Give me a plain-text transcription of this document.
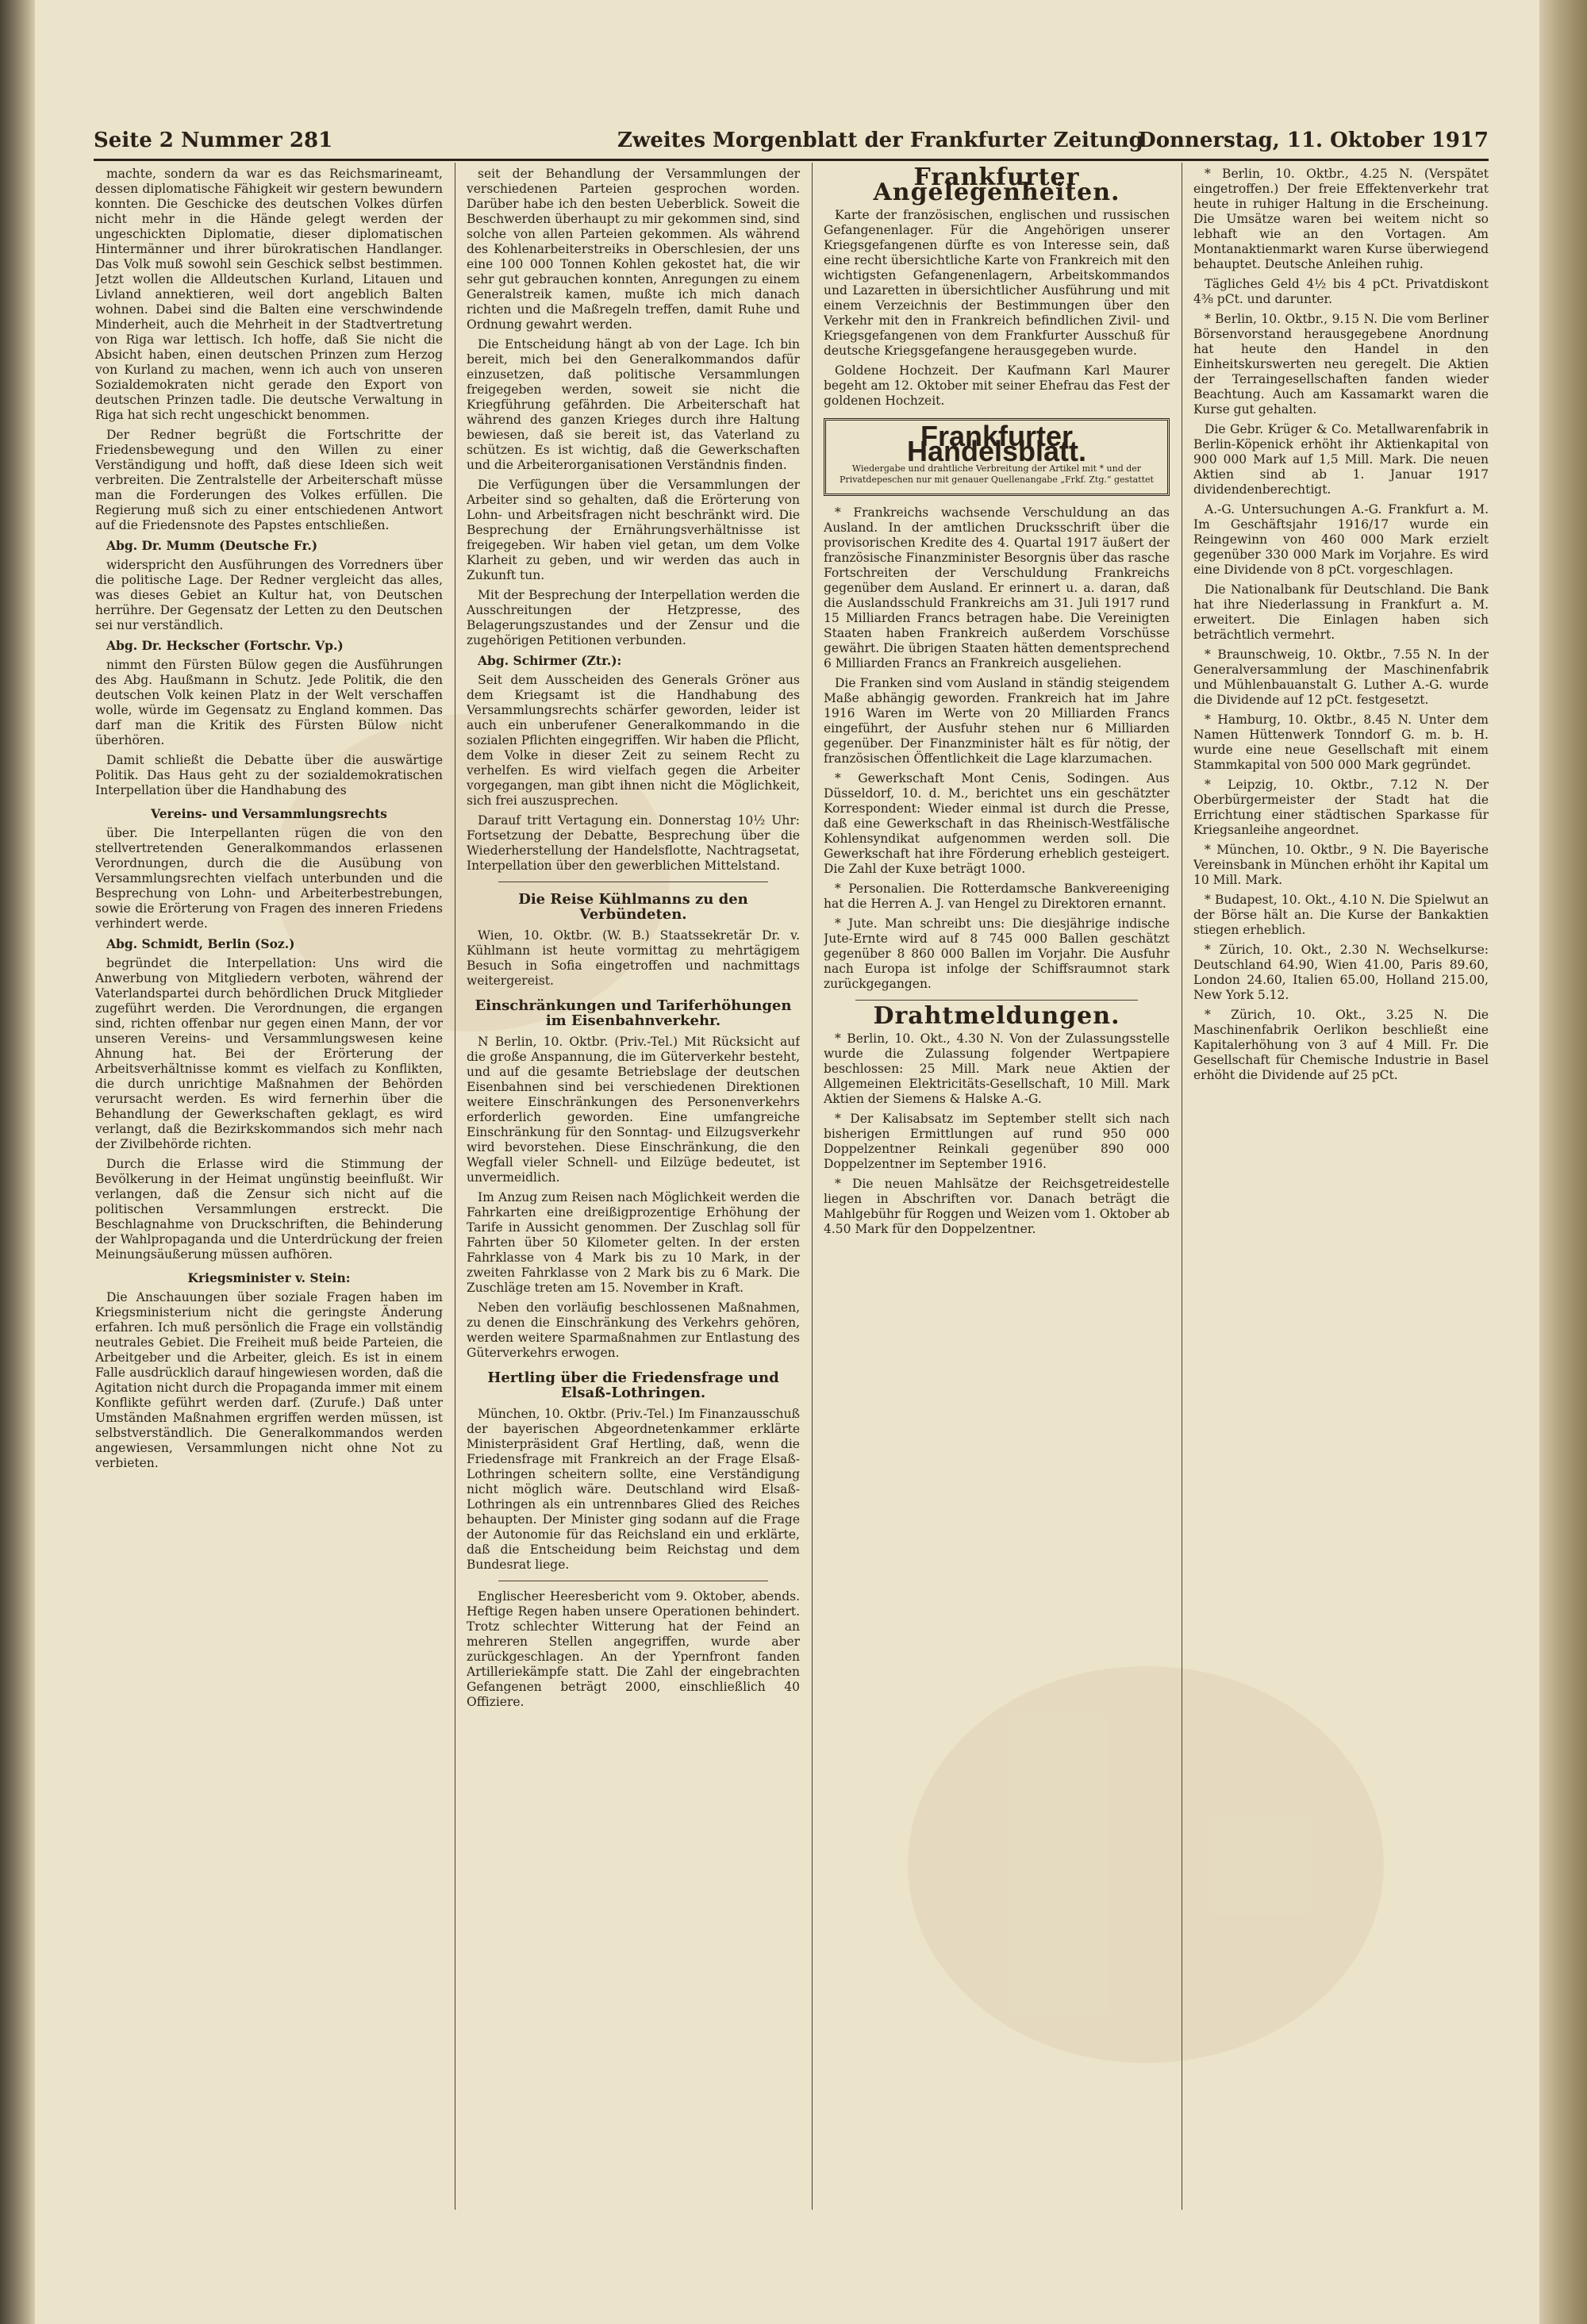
Seite 2 Nummer 281	Zweites Morgenblatt der Frankfurter Zeitung
Donnerstag, 11. Oktober 1917

machte, sondern da war es das Reichsmarineamt, dessen diplomatische Fähigkeit wir gestern bewundern konnten. Die Geschicke des deutschen Volkes dürfen nicht mehr in die Hände gelegt werden der ungeschickten Diplomatie, dieser diplomatischen Hintermänner und ihrer bürokratischen Handlanger. Das Volk muß sowohl sein Geschick selbst bestimmen. Jetzt wollen die Alldeutschen Kurland, Litauen und Livland annektieren, weil dort angeblich Balten wohnen. Dabei sind die Balten eine verschwindende Minderheit, auch die Mehrheit in der Stadtvertretung von Riga war lettisch. Ich hoffe, daß Sie nicht die Absicht haben, einen deutschen Prinzen zum Herzog von Kurland zu machen, wenn ich auch von unseren Sozialdemokraten nicht gerade den Export von deutschen Prinzen tadle. Die deutsche Verwaltung in Riga hat sich recht ungeschickt benommen.

Der Redner begrüßt die Fortschritte der Friedensbewegung und den Willen zu einer Verständigung und hofft, daß diese Ideen sich weit verbreiten. Die Zentralstelle der Arbeiterschaft müsse man die Forderungen des Volkes erfüllen. Die Regierung muß sich zu einer entschiedenen Antwort auf die Friedensnote des Papstes entschließen.

Abg. Dr. Mumm (Deutsche Fr.)

widerspricht den Ausführungen des Vorredners über die politische Lage. Der Redner vergleicht das alles, was dieses Gebiet an Kultur hat, von Deutschen herrühre. Der Gegensatz der Letten zu den Deutschen sei nur verständlich.

Abg. Dr. Heckscher (Fortschr. Vp.)

nimmt den Fürsten Bülow gegen die Ausführungen des Abg. Haußmann in Schutz. Jede Politik, die den deutschen Volk keinen Platz in der Welt verschaffen wolle, würde im Gegensatz zu England kommen. Das darf man die Kritik des Fürsten Bülow nicht überhören.

Damit schließt die Debatte über die auswärtige Politik. Das Haus geht zu der sozialdemokratischen Interpellation über die Handhabung des

Vereins- und Versammlungsrechts

über. Die Interpellanten rügen die von den stellvertretenden Generalkommandos erlassenen Verordnungen, durch die die Ausübung von Versammlungsrechten vielfach unterbunden und die Besprechung von Lohn- und Arbeiterbestrebungen, sowie die Erörterung von Fragen des inneren Friedens verhindert werde.

Abg. Schmidt, Berlin (Soz.)

begründet die Interpellation: Uns wird die Anwerbung von Mitgliedern verboten, während der Vaterlandspartei durch behördlichen Druck Mitglieder zugeführt werden. Die Verordnungen, die ergangen sind, richten offenbar nur gegen einen Mann, der vor unseren Vereins- und Versammlungswesen keine Ahnung hat. Bei der Erörterung der Arbeitsverhältnisse kommt es vielfach zu Konflikten, die durch unrichtige Maßnahmen der Behörden verursacht werden. Es wird fernerhin über die Behandlung der Gewerkschaften geklagt, es wird verlangt, daß die Bezirkskommandos sich mehr nach der Zivilbehörde richten.

Durch die Erlasse wird die Stimmung der Bevölkerung in der Heimat ungünstig beeinflußt. Wir verlangen, daß die Zensur sich nicht auf die politischen Versammlungen erstreckt. Die Beschlagnahme von Druckschriften, die Behinderung der Wahlpropaganda und die Unterdrückung der freien Meinungsäußerung müssen aufhören.

Kriegsminister v. Stein:

Die Anschauungen über soziale Fragen haben im Kriegsministerium nicht die geringste Änderung erfahren. Ich muß persönlich die Frage ein vollständig neutrales Gebiet. Die Freiheit muß beide Parteien, die Arbeitgeber und die Arbeiter, gleich. Es ist in einem Falle ausdrücklich darauf hingewiesen worden, daß die Agitation nicht durch die Propaganda immer mit einem Konflikte geführt werden darf. (Zurufe.) Daß unter Umständen Maßnahmen ergriffen werden müssen, ist selbstverständlich. Die Generalkommandos werden angewiesen, Versammlungen nicht ohne Not zu verbieten.

seit der Behandlung der Versammlungen der verschiedenen Parteien gesprochen worden. Darüber habe ich den besten Ueberblick. Soweit die Beschwerden überhaupt zu mir gekommen sind, sind solche von allen Parteien gekommen. Als während des Kohlenarbeiterstreiks in Oberschlesien, der uns eine 100 000 Tonnen Kohlen gekostet hat, die wir sehr gut gebrauchen konnten, Anregungen zu einem Generalstreik kamen, mußte ich mich danach richten und die Maßregeln treffen, damit Ruhe und Ordnung gewahrt werden.

Die Entscheidung hängt ab von der Lage. Ich bin bereit, mich bei den Generalkommandos dafür einzusetzen, daß politische Versammlungen freigegeben werden, soweit sie nicht die Kriegführung gefährden. Die Arbeiterschaft hat während des ganzen Krieges durch ihre Haltung bewiesen, daß sie bereit ist, das Vaterland zu schützen. Es ist wichtig, daß die Gewerkschaften und die Arbeiterorganisationen Verständnis finden.

Die Verfügungen über die Versammlungen der Arbeiter sind so gehalten, daß die Erörterung von Lohn- und Arbeitsfragen nicht beschränkt wird. Die Besprechung der Ernährungsverhältnisse ist freigegeben. Wir haben viel getan, um dem Volke Klarheit zu geben, und wir werden das auch in Zukunft tun.

Mit der Besprechung der Interpellation werden die Ausschreitungen der Hetzpresse, des Belagerungszustandes und der Zensur und die zugehörigen Petitionen verbunden.

Abg. Schirmer (Ztr.):

Seit dem Ausscheiden des Generals Gröner aus dem Kriegsamt ist die Handhabung des Versammlungsrechts schärfer geworden, leider ist auch ein unberufener Generalkommando in die sozialen Pflichten eingegriffen. Wir haben die Pflicht, dem Volke in dieser Zeit zu seinem Recht zu verhelfen. Es wird vielfach gegen die Arbeiter vorgegangen, man gibt ihnen nicht die Möglichkeit, sich frei auszusprechen.

Darauf tritt Vertagung ein. Donnerstag 10½ Uhr: Fortsetzung der Debatte, Besprechung über die Wiederherstellung der Handelsflotte, Nachtragsetat, Interpellation über den gewerblichen Mittelstand.

Die Reise Kühlmanns zu den Verbündeten.

Wien, 10. Oktbr. (W. B.) Staatssekretär Dr. v. Kühlmann ist heute vormittag zu mehrtägigem Besuch in Sofia eingetroffen und nachmittags weitergereist.

Einschränkungen und Tariferhöhungen im Eisenbahnverkehr.

N Berlin, 10. Oktbr. (Priv.-Tel.) Mit Rücksicht auf die große Anspannung, die im Güterverkehr besteht, und auf die gesamte Betriebslage der deutschen Eisenbahnen sind bei verschiedenen Direktionen weitere Einschränkungen des Personenverkehrs erforderlich geworden. Eine umfangreiche Einschränkung für den Sonntag- und Eilzugsverkehr wird bevorstehen. Diese Einschränkung, die den Wegfall vieler Schnell- und Eilzüge bedeutet, ist unvermeidlich.

Im Anzug zum Reisen nach Möglichkeit werden die Fahrkarten eine dreißigprozentige Erhöhung der Tarife in Aussicht genommen. Der Zuschlag soll für Fahrten über 50 Kilometer gelten. In der ersten Fahrklasse von 4 Mark bis zu 10 Mark, in der zweiten Fahrklasse von 2 Mark bis zu 6 Mark. Die Zuschläge treten am 15. November in Kraft.

Neben den vorläufig beschlossenen Maßnahmen, zu denen die Einschränkung des Verkehrs gehören, werden weitere Sparmaßnahmen zur Entlastung des Güterverkehrs erwogen.

Hertling über die Friedensfrage und Elsaß-Lothringen.

München, 10. Oktbr. (Priv.-Tel.) Im Finanzausschuß der bayerischen Abgeordnetenkammer erklärte Ministerpräsident Graf Hertling, daß, wenn die Friedensfrage mit Frankreich an der Frage Elsaß-Lothringen scheitern sollte, eine Verständigung nicht möglich wäre. Deutschland wird Elsaß-Lothringen als ein untrennbares Glied des Reiches behaupten. Der Minister ging sodann auf die Frage der Autonomie für das Reichsland ein und erklärte, daß die Entscheidung beim Reichstag und dem Bundesrat liege.

Englischer Heeresbericht vom 9. Oktober, abends. Heftige Regen haben unsere Operationen behindert. Trotz schlechter Witterung hat der Feind an mehreren Stellen angegriffen, wurde aber zurückgeschlagen. An der Ypernfront fanden Artilleriekämpfe statt. Die Zahl der eingebrachten Gefangenen beträgt 2000, einschließlich 40 Offiziere.

Frankfurter Angelegenheiten.

Karte der französischen, englischen und russischen Gefangenenlager. Für die Angehörigen unserer Kriegsgefangenen dürfte es von Interesse sein, daß eine recht übersichtliche Karte von Frankreich mit den wichtigsten Gefangenenlagern, Arbeitskommandos und Lazaretten in übersichtlicher Ausführung und mit einem Verzeichnis der Bestimmungen über den Verkehr mit den in Frankreich befindlichen Zivil- und Kriegsgefangenen von dem Frankfurter Ausschuß für deutsche Kriegsgefangene herausgegeben wurde.

Goldene Hochzeit. Der Kaufmann Karl Maurer begeht am 12. Oktober mit seiner Ehefrau das Fest der goldenen Hochzeit.

Frankfurter Handelsblatt.
Wiedergabe und drahtliche Verbreitung der Artikel mit * und der Privatdepeschen nur mit genauer Quellenangabe „Frkf. Ztg.“ gestattet

* Frankreichs wachsende Verschuldung an das Ausland. In der amtlichen Drucksschrift über die provisorischen Kredite des 4. Quartal 1917 äußert der französische Finanzminister Besorgnis über das rasche Fortschreiten der Verschuldung Frankreichs gegenüber dem Ausland. Er erinnert u. a. daran, daß die Auslandsschuld Frankreichs am 31. Juli 1917 rund 15 Milliarden Francs betragen habe. Die Vereinigten Staaten haben Frankreich außerdem Vorschüsse gewährt. Die übrigen Staaten hätten dementsprechend 6 Milliarden Francs an Frankreich ausgeliehen.

Die Franken sind vom Ausland in ständig steigendem Maße abhängig geworden. Frankreich hat im Jahre 1916 Waren im Werte von 20 Milliarden Francs eingeführt, der Ausfuhr stehen nur 6 Milliarden gegenüber. Der Finanzminister hält es für nötig, der französischen Öffentlichkeit die Lage klarzumachen.

* Gewerkschaft Mont Cenis, Sodingen. Aus Düsseldorf, 10. d. M., berichtet uns ein geschätzter Korrespondent: Wieder einmal ist durch die Presse, daß eine Gewerkschaft in das Rheinisch-Westfälische Kohlensyndikat aufgenommen werden soll. Die Gewerkschaft hat ihre Förderung erheblich gesteigert. Die Zahl der Kuxe beträgt 1000.

* Personalien. Die Rotterdamsche Bankvereeniging hat die Herren A. J. van Hengel zu Direktoren ernannt.

* Jute. Man schreibt uns: Die diesjährige indische Jute-Ernte wird auf 8 745 000 Ballen geschätzt gegenüber 8 860 000 Ballen im Vorjahr. Die Ausfuhr nach Europa ist infolge der Schiffsraumnot stark zurückgegangen.

Drahtmeldungen.

* Berlin, 10. Okt., 4.30 N. Von der Zulassungsstelle wurde die Zulassung folgender Wertpapiere beschlossen: 25 Mill. Mark neue Aktien der Allgemeinen Elektricitäts-Gesellschaft, 10 Mill. Mark Aktien der Siemens & Halske A.-G.

* Der Kalisabsatz im September stellt sich nach bisherigen Ermittlungen auf rund 950 000 Doppelzentner Reinkali gegenüber 890 000 Doppelzentner im September 1916.

* Die neuen Mahlsätze der Reichsgetreidestelle liegen in Abschriften vor. Danach beträgt die Mahlgebühr für Roggen und Weizen vom 1. Oktober ab 4.50 Mark für den Doppelzentner.

* Berlin, 10. Oktbr., 4.25 N. (Verspätet eingetroffen.) Der freie Effektenverkehr trat heute in ruhiger Haltung in die Erscheinung. Die Umsätze waren bei weitem nicht so lebhaft wie an den Vortagen. Am Montanaktienmarkt waren Kurse überwiegend behauptet. Deutsche Anleihen ruhig.

Tägliches Geld 4½ bis 4 pCt. Privatdiskont 4⅜ pCt. und darunter.

* Berlin, 10. Oktbr., 9.15 N. Die vom Berliner Börsenvorstand herausgegebene Anordnung hat heute den Handel in den Einheitskurswerten neu geregelt. Die Aktien der Terraingesellschaften fanden wieder Beachtung. Auch am Kassamarkt waren die Kurse gut gehalten.

Die Gebr. Krüger & Co. Metallwarenfabrik in Berlin-Köpenick erhöht ihr Aktienkapital von 900 000 Mark auf 1,5 Mill. Mark. Die neuen Aktien sind ab 1. Januar 1917 dividendenberechtigt.

A.-G. Untersuchungen A.-G. Frankfurt a. M. Im Geschäftsjahr 1916/17 wurde ein Reingewinn von 460 000 Mark erzielt gegenüber 330 000 Mark im Vorjahre. Es wird eine Dividende von 8 pCt. vorgeschlagen.

Die Nationalbank für Deutschland. Die Bank hat ihre Niederlassung in Frankfurt a. M. erweitert. Die Einlagen haben sich beträchtlich vermehrt.

* Braunschweig, 10. Oktbr., 7.55 N. In der Generalversammlung der Maschinenfabrik und Mühlenbauanstalt G. Luther A.-G. wurde die Dividende auf 12 pCt. festgesetzt.

* Hamburg, 10. Oktbr., 8.45 N. Unter dem Namen Hüttenwerk Tonndorf G. m. b. H. wurde eine neue Gesellschaft mit einem Stammkapital von 500 000 Mark gegründet.

* Leipzig, 10. Oktbr., 7.12 N. Der Oberbürgermeister der Stadt hat die Errichtung einer städtischen Sparkasse für Kriegsanleihe angeordnet.

* München, 10. Oktbr., 9 N. Die Bayerische Vereinsbank in München erhöht ihr Kapital um 10 Mill. Mark.

* Budapest, 10. Okt., 4.10 N. Die Spielwut an der Börse hält an. Die Kurse der Bankaktien stiegen erheblich.

* Zürich, 10. Okt., 2.30 N. Wechselkurse: Deutschland 64.90, Wien 41.00, Paris 89.60, London 24.60, Italien 65.00, Holland 215.00, New York 5.12.

* Zürich, 10. Okt., 3.25 N. Die Maschinenfabrik Oerlikon beschließt eine Kapitalerhöhung von 3 auf 4 Mill. Fr. Die Gesellschaft für Chemische Industrie in Basel erhöht die Dividende auf 25 pCt.
